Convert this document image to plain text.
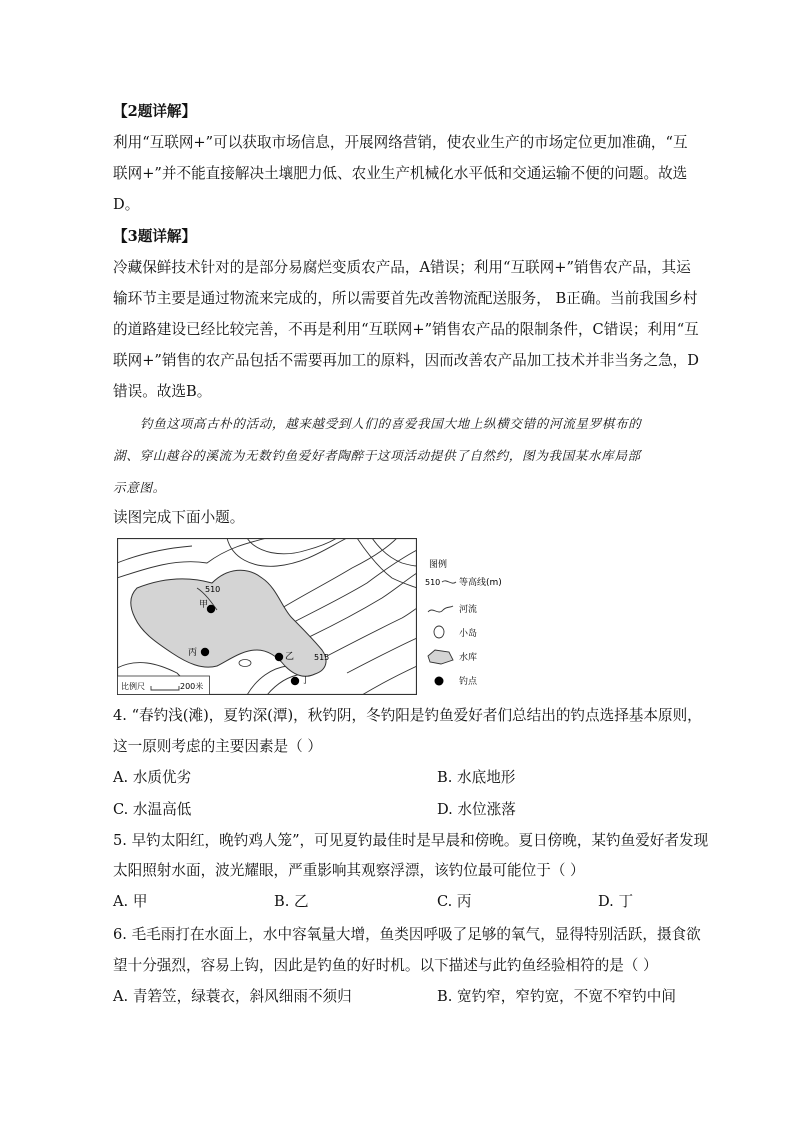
【2题详解】
利用“互联网+”可以获取市场信息，开展网络营销，使农业生产的市场定位更加准确，“互
联网+”并不能直接解决土壤肥力低、农业生产机械化水平低和交通运输不便的问题。故选
D。
【3题详解】
冷藏保鲜技术针对的是部分易腐烂变质农产品，A错误；利用“互联网+”销售农产品，其运
输环节主要是通过物流来完成的，所以需要首先改善物流配送服务， B正确。当前我国乡村
的道路建设已经比较完善，不再是利用“互联网+”销售农产品的限制条件，C错误；利用“互
联网+”销售的农产品包括不需要再加工的原料，因而改善农产品加工技术并非当务之急，D
错误。故选B。
钓鱼这项高古朴的活动，越来越受到人们的喜爱我国大地上纵横交错的河流星罗棋布的
湖、穿山越谷的溪流为无数钓鱼爱好者陶醉于这项活动提供了自然约，图为我国某水库局部
示意图。
读图完成下面小题。
510
515
甲
乙
丙
丁
比例尺	200米
图例
510 等高线(m)
河流
小岛
水库
钓点
4. “春钓浅(滩)，夏钓深(潭)，秋钓阴，冬钓阳是钓鱼爱好者们总结出的钓点选择基本原则，
这一原则考虑的主要因素是（ ）
A. 水质优劣	B. 水底地形
C. 水温高低	D. 水位涨落
5. 早钓太阳红，晚钓鸡人笼”，可见夏钓最佳时是早晨和傍晚。夏日傍晚，某钓鱼爱好者发现
太阳照射水面，波光耀眼，严重影响其观察浮漂，该钓位最可能位于（ ）
A. 甲	B. 乙	C. 丙	D. 丁
6. 毛毛雨打在水面上，水中容氧量大增，鱼类因呼吸了足够的氧气，显得特别活跃，摄食欲
望十分强烈，容易上钩，因此是钓鱼的好时机。以下描述与此钓鱼经验相符的是（ ）
A. 青箬笠，绿蓑衣，斜风细雨不须归	B. 宽钓窄，窄钓宽，不宽不窄钓中间
